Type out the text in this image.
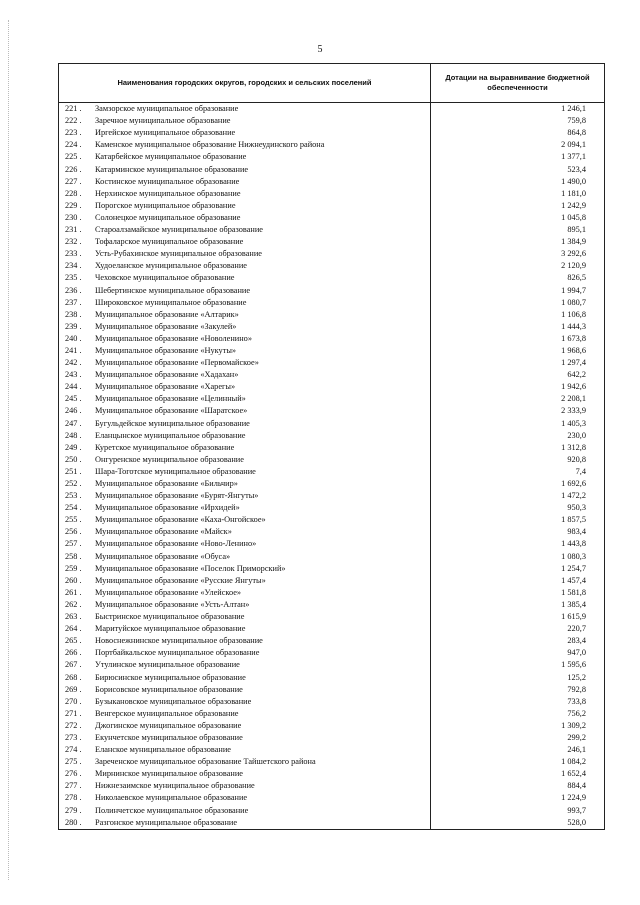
5
Наименования городских округов, городских и сельских поселений	Дотации на выравнивание бюджетной обеспеченности
221 . Замзорское муниципальное образование	1 246,1
222 . Заречное муниципальное образование	759,8
223 . Иргейское муниципальное образование	864,8
224 . Каменское муниципальное образование Нижнеудинского района	2 094,1
225 . Катарбейское муниципальное образование	1 377,1
226 . Катарминское муниципальное образование	523,4
227 . Костинское муниципальное образование	1 490,0
228 . Нерхинское муниципальное образование	1 181,0
229 . Порогское муниципальное образование	1 242,9
230 . Солонецкое муниципальное образование	1 045,8
231 . Староалзамайское муниципальное образование	895,1
232 . Тофаларское муниципальное образование	1 384,9
233 . Усть-Рубахинское муниципальное образование	3 292,6
234 . Худоеланское муниципальное образование	2 120,9
235 . Чеховское муниципальное образование	826,5
236 . Шебертинское муниципальное образование	1 994,7
237 . Широковское муниципальное образование	1 080,7
238 . Муниципальное образование «Алтарик»	1 106,8
239 . Муниципальное образование «Закулей»	1 444,3
240 . Муниципальное образование «Новоленино»	1 673,8
241 . Муниципальное образование «Нукуты»	1 968,6
242 . Муниципальное образование «Первомайское»	1 297,4
243 . Муниципальное образование «Хадахан»	642,2
244 . Муниципальное образование «Харегы»	1 942,6
245 . Муниципальное образование «Целинный»	2 208,1
246 . Муниципальное образование «Шаратское»	2 333,9
247 . Бугульдейское муниципальное образование	1 405,3
248 . Еланцынское муниципальное образование	230,0
249 . Куретское муниципальное образование	1 312,8
250 . Онгуренское муниципальное образование	920,8
251 . Шара-Тоготское муниципальное образование	7,4
252 . Муниципальное образование «Бильчир»	1 692,6
253 . Муниципальное образование «Бурят-Янгуты»	1 472,2
254 . Муниципальное образование «Ирхидей»	950,3
255 . Муниципальное образование «Каха-Онгойское»	1 857,5
256 . Муниципальное образование «Майск»	983,4
257 . Муниципальное образование «Ново-Ленино»	1 443,8
258 . Муниципальное образование «Обуса»	1 080,3
259 . Муниципальное образование «Поселок Приморский»	1 254,7
260 . Муниципальное образование «Русские Янгуты»	1 457,4
261 . Муниципальное образование «Улейское»	1 581,8
262 . Муниципальное образование «Усть-Алтан»	1 385,4
263 . Быстринское муниципальное образование	1 615,9
264 . Маритуйское муниципальное образование	220,7
265 . Новоснежнинское муниципальное образование	283,4
266 . Портбайкальское муниципальное образование	947,0
267 . Утулинское муниципальное образование	1 595,6
268 . Бирюсинское муниципальное образование	125,2
269 . Борисовское муниципальное образование	792,8
270 . Бузыкановское муниципальное образование	733,8
271 . Венгерское муниципальное образование	756,2
272 . Джогинское муниципальное образование	1 309,2
273 . Екунчетское муниципальное образование	299,2
274 . Еланское муниципальное образование	246,1
275 . Зареченское муниципальное образование Тайшетского района	1 084,2
276 . Мирнинское муниципальное образование	1 652,4
277 . Нижнезаимское муниципальное образование	884,4
278 . Николаевское муниципальное образование	1 224,9
279 . Полинчетское муниципальное образование	993,7
280 . Разгонское муниципальное образование	528,0
